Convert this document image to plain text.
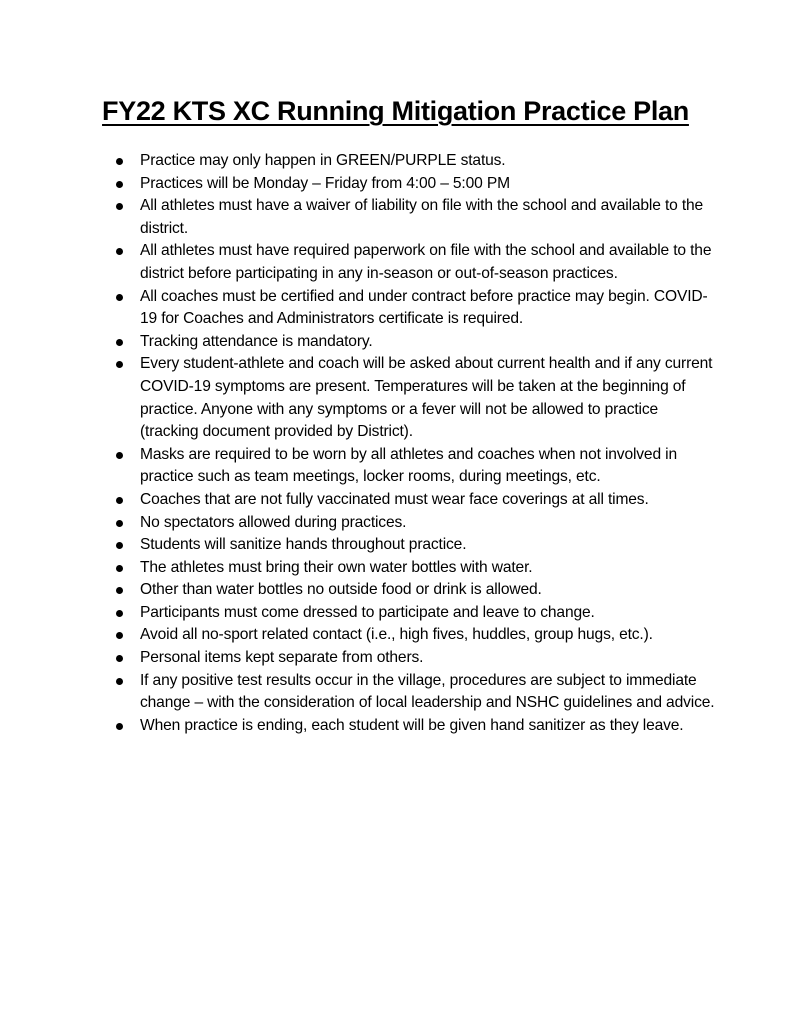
FY22 KTS XC Running Mitigation Practice Plan
Practice may only happen in GREEN/PURPLE status.
Practices will be Monday – Friday from 4:00 – 5:00 PM
All athletes must have a waiver of liability on file with the school and available to the district.
All athletes must have required paperwork on file with the school and available to the district before participating in any in-season or out-of-season practices.
All coaches must be certified and under contract before practice may begin. COVID-19 for Coaches and Administrators certificate is required.
Tracking attendance is mandatory.
Every student-athlete and coach will be asked about current health and if any current COVID-19 symptoms are present. Temperatures will be taken at the beginning of practice. Anyone with any symptoms or a fever will not be allowed to practice (tracking document provided by District).
Masks are required to be worn by all athletes and coaches when not involved in practice such as team meetings, locker rooms, during meetings, etc.
Coaches that are not fully vaccinated must wear face coverings at all times.
No spectators allowed during practices.
Students will sanitize hands throughout practice.
The athletes must bring their own water bottles with water.
Other than water bottles no outside food or drink is allowed.
Participants must come dressed to participate and leave to change.
Avoid all no-sport related contact (i.e., high fives, huddles, group hugs, etc.).
Personal items kept separate from others.
If any positive test results occur in the village, procedures are subject to immediate change – with the consideration of local leadership and NSHC guidelines and advice.
When practice is ending, each student will be given hand sanitizer as they leave.
